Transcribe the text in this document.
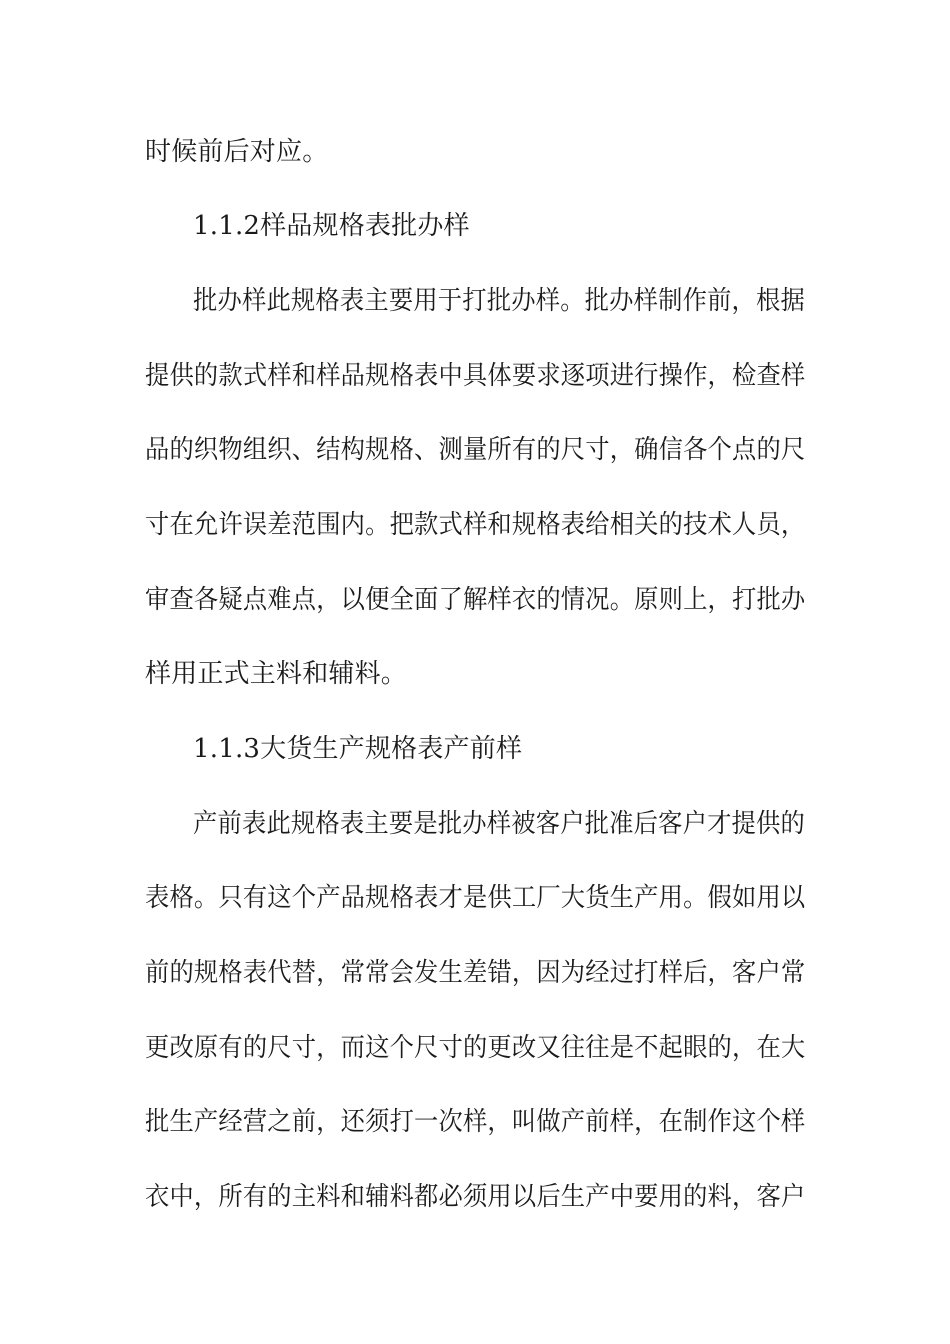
时候前后对应。
1.1.2样品规格表批办样
批办样此规格表主要用于打批办样。批办样制作前，根据
提供的款式样和样品规格表中具体要求逐项进行操作，检查样
品的织物组织、结构规格、测量所有的尺寸，确信各个点的尺
寸在允许误差范围内。把款式样和规格表给相关的技术人员，
审查各疑点难点，以便全面了解样衣的情况。原则上，打批办
样用正式主料和辅料。
1.1.3大货生产规格表产前样
产前表此规格表主要是批办样被客户批准后客户才提供的
表格。只有这个产品规格表才是供工厂大货生产用。假如用以
前的规格表代替，常常会发生差错，因为经过打样后，客户常
更改原有的尺寸，而这个尺寸的更改又往往是不起眼的，在大
批生产经营之前，还须打一次样，叫做产前样，在制作这个样
衣中，所有的主料和辅料都必须用以后生产中要用的料，客户
